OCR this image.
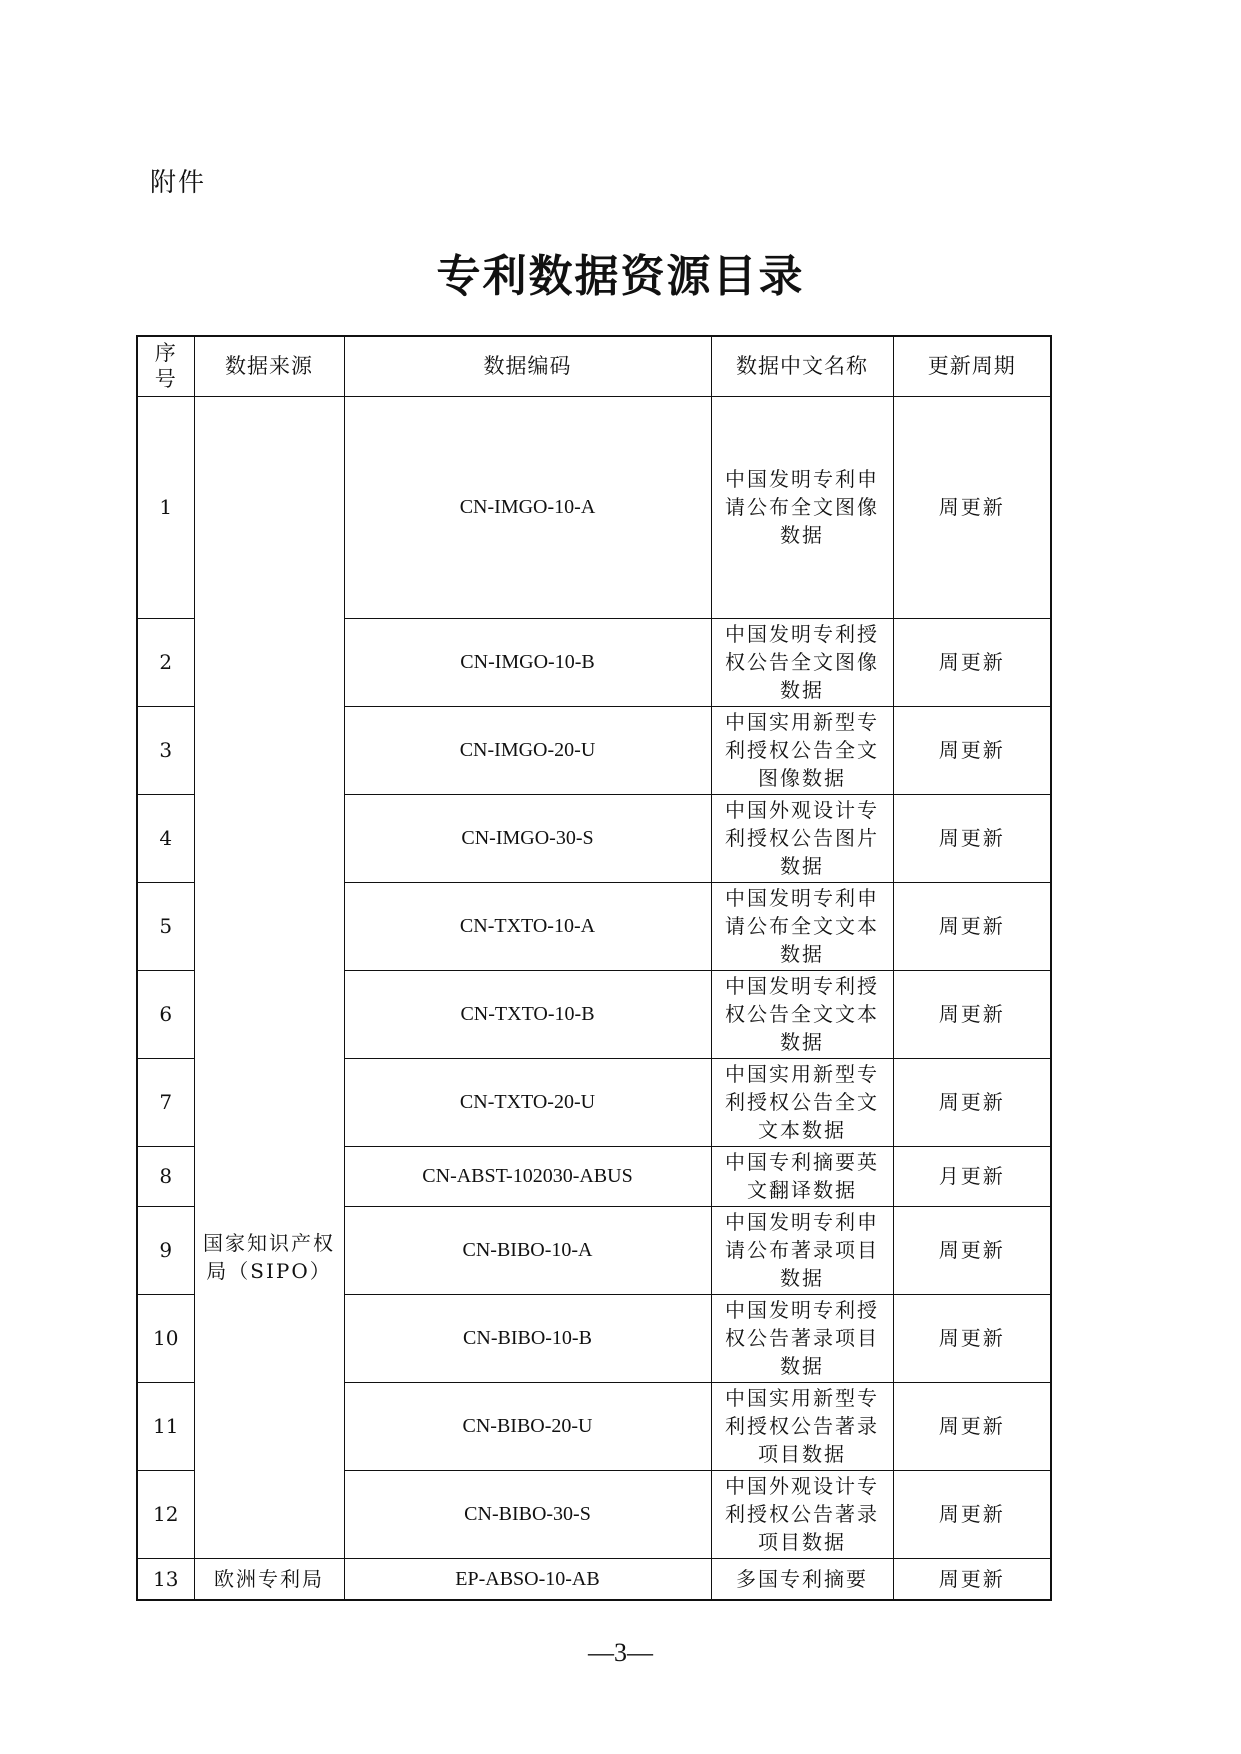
附件
专利数据资源目录
序号	数据来源	数据编码	数据中文名称	更新周期
1	国家知识产权局（SIPO）	CN-IMGO-10-A	中国发明专利申请公布全文图像数据	周更新
2		CN-IMGO-10-B	中国发明专利授权公告全文图像数据	周更新
3		CN-IMGO-20-U	中国实用新型专利授权公告全文图像数据	周更新
4		CN-IMGO-30-S	中国外观设计专利授权公告图片数据	周更新
5		CN-TXTO-10-A	中国发明专利申请公布全文文本数据	周更新
6		CN-TXTO-10-B	中国发明专利授权公告全文文本数据	周更新
7		CN-TXTO-20-U	中国实用新型专利授权公告全文文本数据	周更新
8		CN-ABST-102030-ABUS	中国专利摘要英文翻译数据	月更新
9		CN-BIBO-10-A	中国发明专利申请公布著录项目数据	周更新
10		CN-BIBO-10-B	中国发明专利授权公告著录项目数据	周更新
11		CN-BIBO-20-U	中国实用新型专利授权公告著录项目数据	周更新
12		CN-BIBO-30-S	中国外观设计专利授权公告著录项目数据	周更新
13	欧洲专利局	EP-ABSO-10-AB	多国专利摘要	周更新
—3—
